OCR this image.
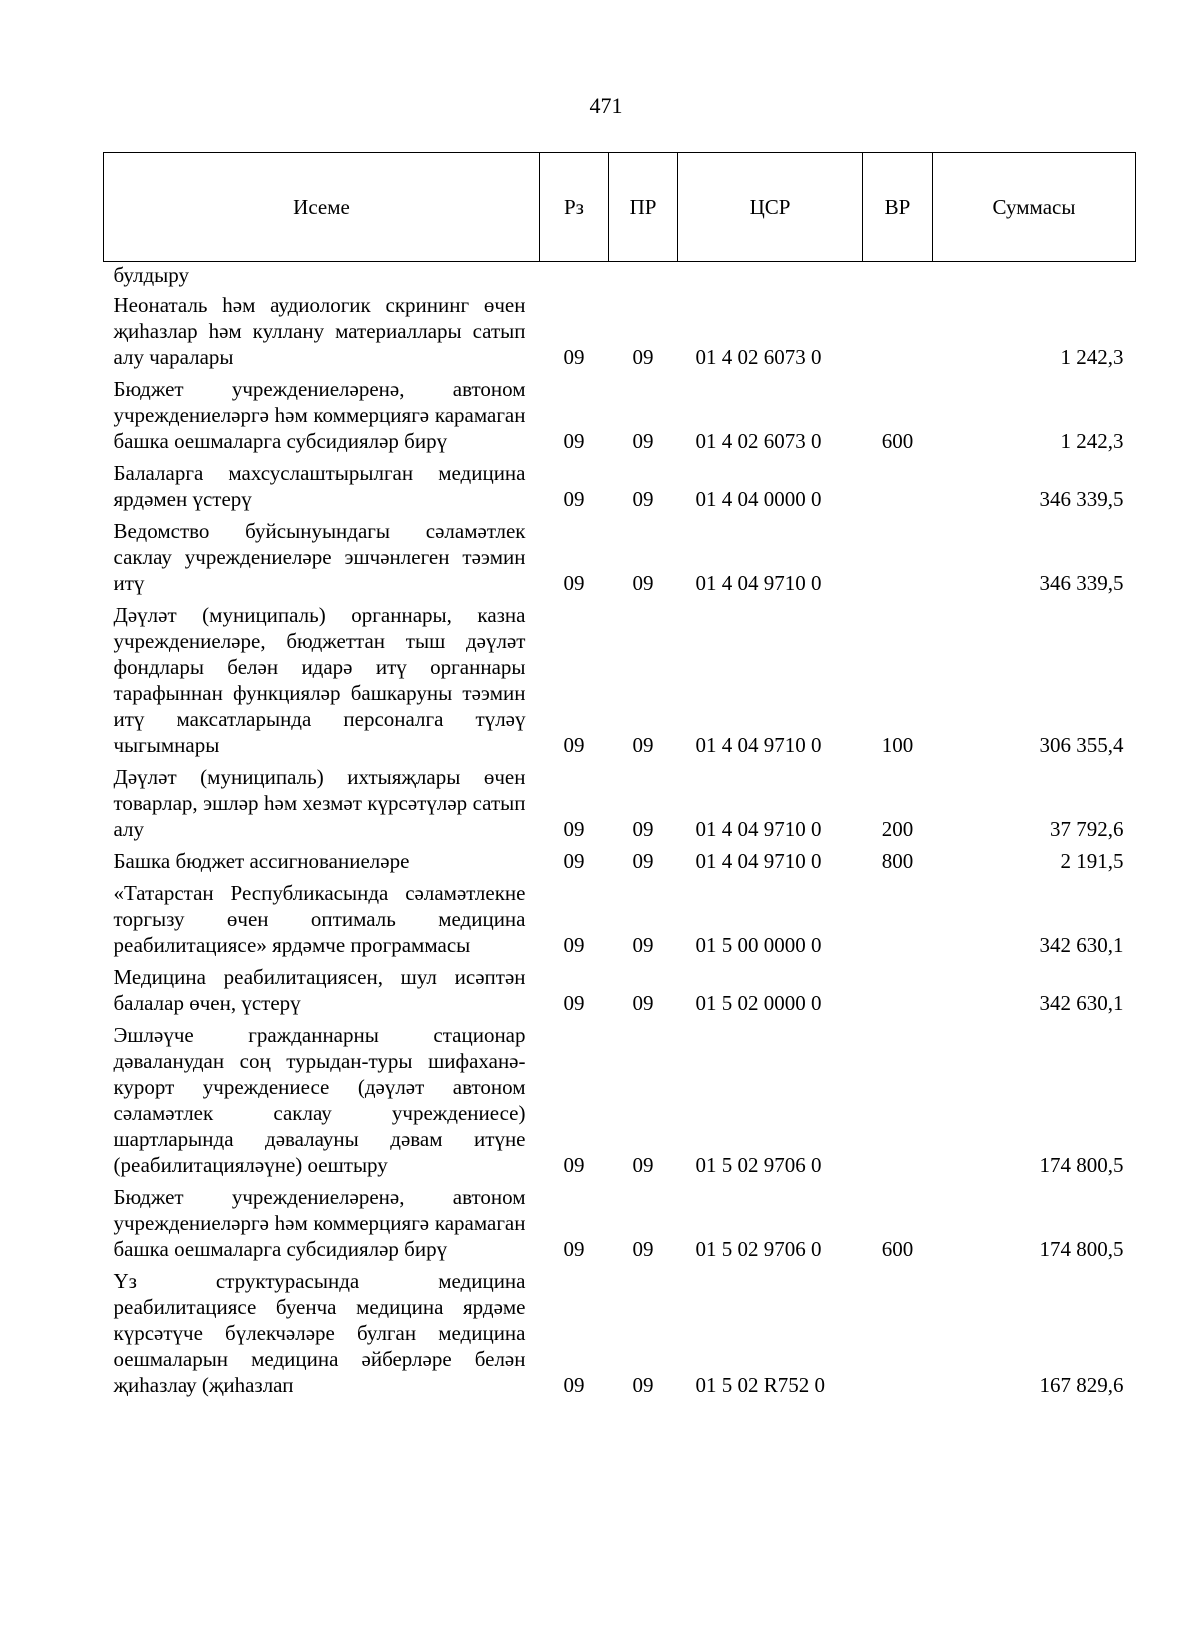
471
Исеме	Рз	ПР	ЦСР	ВР	Суммасы
булдыру					
Неонаталь һәм аудиологик скрининг өчен җиһазлар һәм куллану материаллары сатып алу чаралары	09	09	01 4 02 6073 0		1 242,3
Бюджет учреждениеләренә, автоном учреждениеләргә һәм коммерциягә карамаган башка оешмаларга субсидияләр бирү	09	09	01 4 02 6073 0	600	1 242,3
Балаларга махсуслаштырылган медицина ярдәмен үстерү	09	09	01 4 04 0000 0		346 339,5
Ведомство буйсынуындагы сәламәтлек саклау учреждениеләре эшчәнлеген тәэмин итү	09	09	01 4 04 9710 0		346 339,5
Дәүләт (муниципаль) органнары, казна учреждениеләре, бюджеттан тыш дәүләт фондлары белән идарә итү органнары тарафыннан функцияләр башкаруны тәэмин итү максатларында персоналга түләү чыгымнары	09	09	01 4 04 9710 0	100	306 355,4
Дәүләт (муниципаль) ихтыяҗлары өчен товарлар, эшләр һәм хезмәт күрсәтүләр сатып алу	09	09	01 4 04 9710 0	200	37 792,6
Башка бюджет ассигнованиеләре	09	09	01 4 04 9710 0	800	2 191,5
«Татарстан Республикасында сәламәтлекне торгызу өчен оптималь медицина реабилитациясе» ярдәмче программасы	09	09	01 5 00 0000 0		342 630,1
Медицина реабилитациясен, шул исәптән балалар өчен, үстерү	09	09	01 5 02 0000 0		342 630,1
Эшләүче гражданнарны стационар дәваланудан соң турыдан-туры шифаханә-курорт учреждениесе (дәүләт автоном сәламәтлек саклау учреждениесе) шартларында дәвалауны дәвам итүне (реабилитацияләүне) оештыру	09	09	01 5 02 9706 0		174 800,5
Бюджет учреждениеләренә, автоном учреждениеләргә һәм коммерциягә карамаган башка оешмаларга субсидияләр бирү	09	09	01 5 02 9706 0	600	174 800,5
Үз структурасында медицина реабилитациясе буенча медицина ярдәме күрсәтүче бүлекчәләре булган медицина оешмаларын медицина әйберләре белән җиһазлау (җиһазлап	09	09	01 5 02 R752 0		167 829,6
